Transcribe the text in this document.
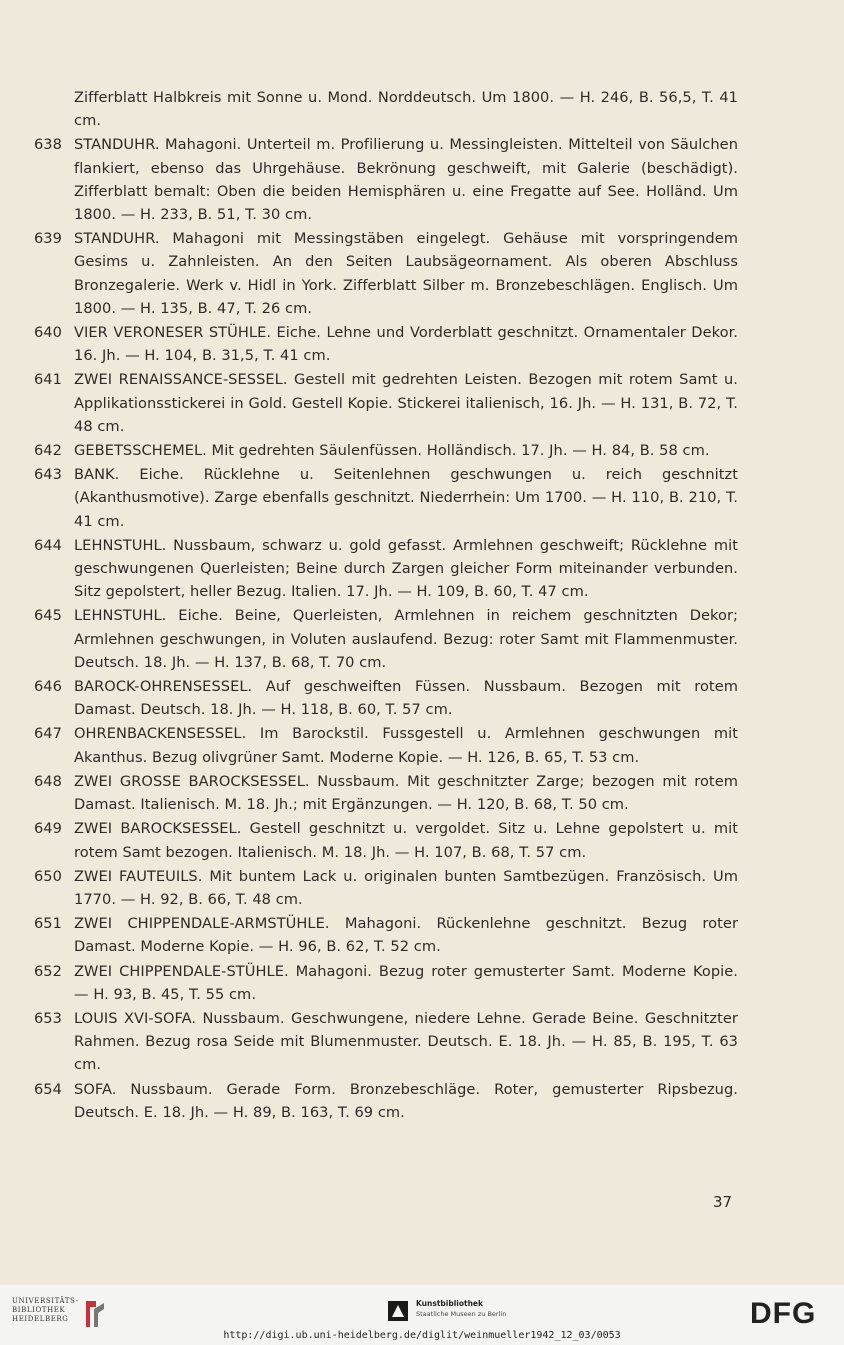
Zifferblatt Halbkreis mit Sonne u. Mond. Norddeutsch. Um 1800. — H. 246, B. 56,5, T. 41 cm.
638 STANDUHR. Mahagoni. Unterteil m. Profilierung u. Messingleisten. Mittelteil von Säulchen flankiert, ebenso das Uhrgehäuse. Bekrönung geschweift, mit Galerie (beschädigt). Zifferblatt bemalt: Oben die beiden Hemisphären u. eine Fregatte auf See. Holländ. Um 1800. — H. 233, B. 51, T. 30 cm.
639 STANDUHR. Mahagoni mit Messingstäben eingelegt. Gehäuse mit vorspringendem Gesims u. Zahnleisten. An den Seiten Laubsägeornament. Als oberen Abschluss Bronzegalerie. Werk v. Hidl in York. Zifferblatt Silber m. Bronzebeschlägen. Englisch. Um 1800. — H. 135, B. 47, T. 26 cm.
640 VIER VERONESER STÜHLE. Eiche. Lehne und Vorderblatt geschnitzt. Ornamentaler Dekor. 16. Jh. — H. 104, B. 31,5, T. 41 cm.
641 ZWEI RENAISSANCE-SESSEL. Gestell mit gedrehten Leisten. Bezogen mit rotem Samt u. Applikationsstickerei in Gold. Gestell Kopie. Stickerei italienisch, 16. Jh. — H. 131, B. 72, T. 48 cm.
642 GEBETSSCHEMEL. Mit gedrehten Säulenfüssen. Holländisch. 17. Jh. — H. 84, B. 58 cm.
643 BANK. Eiche. Rücklehne u. Seitenlehnen geschwungen u. reich geschnitzt (Akanthusmotive). Zarge ebenfalls geschnitzt. Niederrhein: Um 1700. — H. 110, B. 210, T. 41 cm.
644 LEHNSTUHL. Nussbaum, schwarz u. gold gefasst. Armlehnen geschweift; Rücklehne mit geschwungenen Querleisten; Beine durch Zargen gleicher Form miteinander verbunden. Sitz gepolstert, heller Bezug. Italien. 17. Jh. — H. 109, B. 60, T. 47 cm.
645 LEHNSTUHL. Eiche. Beine, Querleisten, Armlehnen in reichem geschnitzten Dekor; Armlehnen geschwungen, in Voluten auslaufend. Bezug: roter Samt mit Flammenmuster. Deutsch. 18. Jh. — H. 137, B. 68, T. 70 cm.
646 BAROCK-OHRENSESSEL. Auf geschweiften Füssen. Nussbaum. Bezogen mit rotem Damast. Deutsch. 18. Jh. — H. 118, B. 60, T. 57 cm.
647 OHRENBACKENSESSEL. Im Barockstil. Fussgestell u. Armlehnen geschwungen mit Akanthus. Bezug olivgrüner Samt. Moderne Kopie. — H. 126, B. 65, T. 53 cm.
648 ZWEI GROSSE BAROCKSESSEL. Nussbaum. Mit geschnitzter Zarge; bezogen mit rotem Damast. Italienisch. M. 18. Jh.; mit Ergänzungen. — H. 120, B. 68, T. 50 cm.
649 ZWEI BAROCKSESSEL. Gestell geschnitzt u. vergoldet. Sitz u. Lehne gepolstert u. mit rotem Samt bezogen. Italienisch. M. 18. Jh. — H. 107, B. 68, T. 57 cm.
650 ZWEI FAUTEUILS. Mit buntem Lack u. originalen bunten Samtbezügen. Französisch. Um 1770. — H. 92, B. 66, T. 48 cm.
651 ZWEI CHIPPENDALE-ARMSTÜHLE. Mahagoni. Rückenlehne geschnitzt. Bezug roter Damast. Moderne Kopie. — H. 96, B. 62, T. 52 cm.
652 ZWEI CHIPPENDALE-STÜHLE. Mahagoni. Bezug roter gemusterter Samt. Moderne Kopie. — H. 93, B. 45, T. 55 cm.
653 LOUIS XVI-SOFA. Nussbaum. Geschwungene, niedere Lehne. Gerade Beine. Geschnitzter Rahmen. Bezug rosa Seide mit Blumenmuster. Deutsch. E. 18. Jh. — H. 85, B. 195, T. 63 cm.
654 SOFA. Nussbaum. Gerade Form. Bronzebeschläge. Roter, gemusterter Ripsbezug. Deutsch. E. 18. Jh. — H. 89, B. 163, T. 69 cm.
37
UNIVERSITÄTS-
BIBLIOTHEK
HEIDELBERG
Kunstbibliothek
Staatliche Museen zu Berlin	DFG
http://digi.ub.uni-heidelberg.de/diglit/weinmueller1942_12_03/0053
